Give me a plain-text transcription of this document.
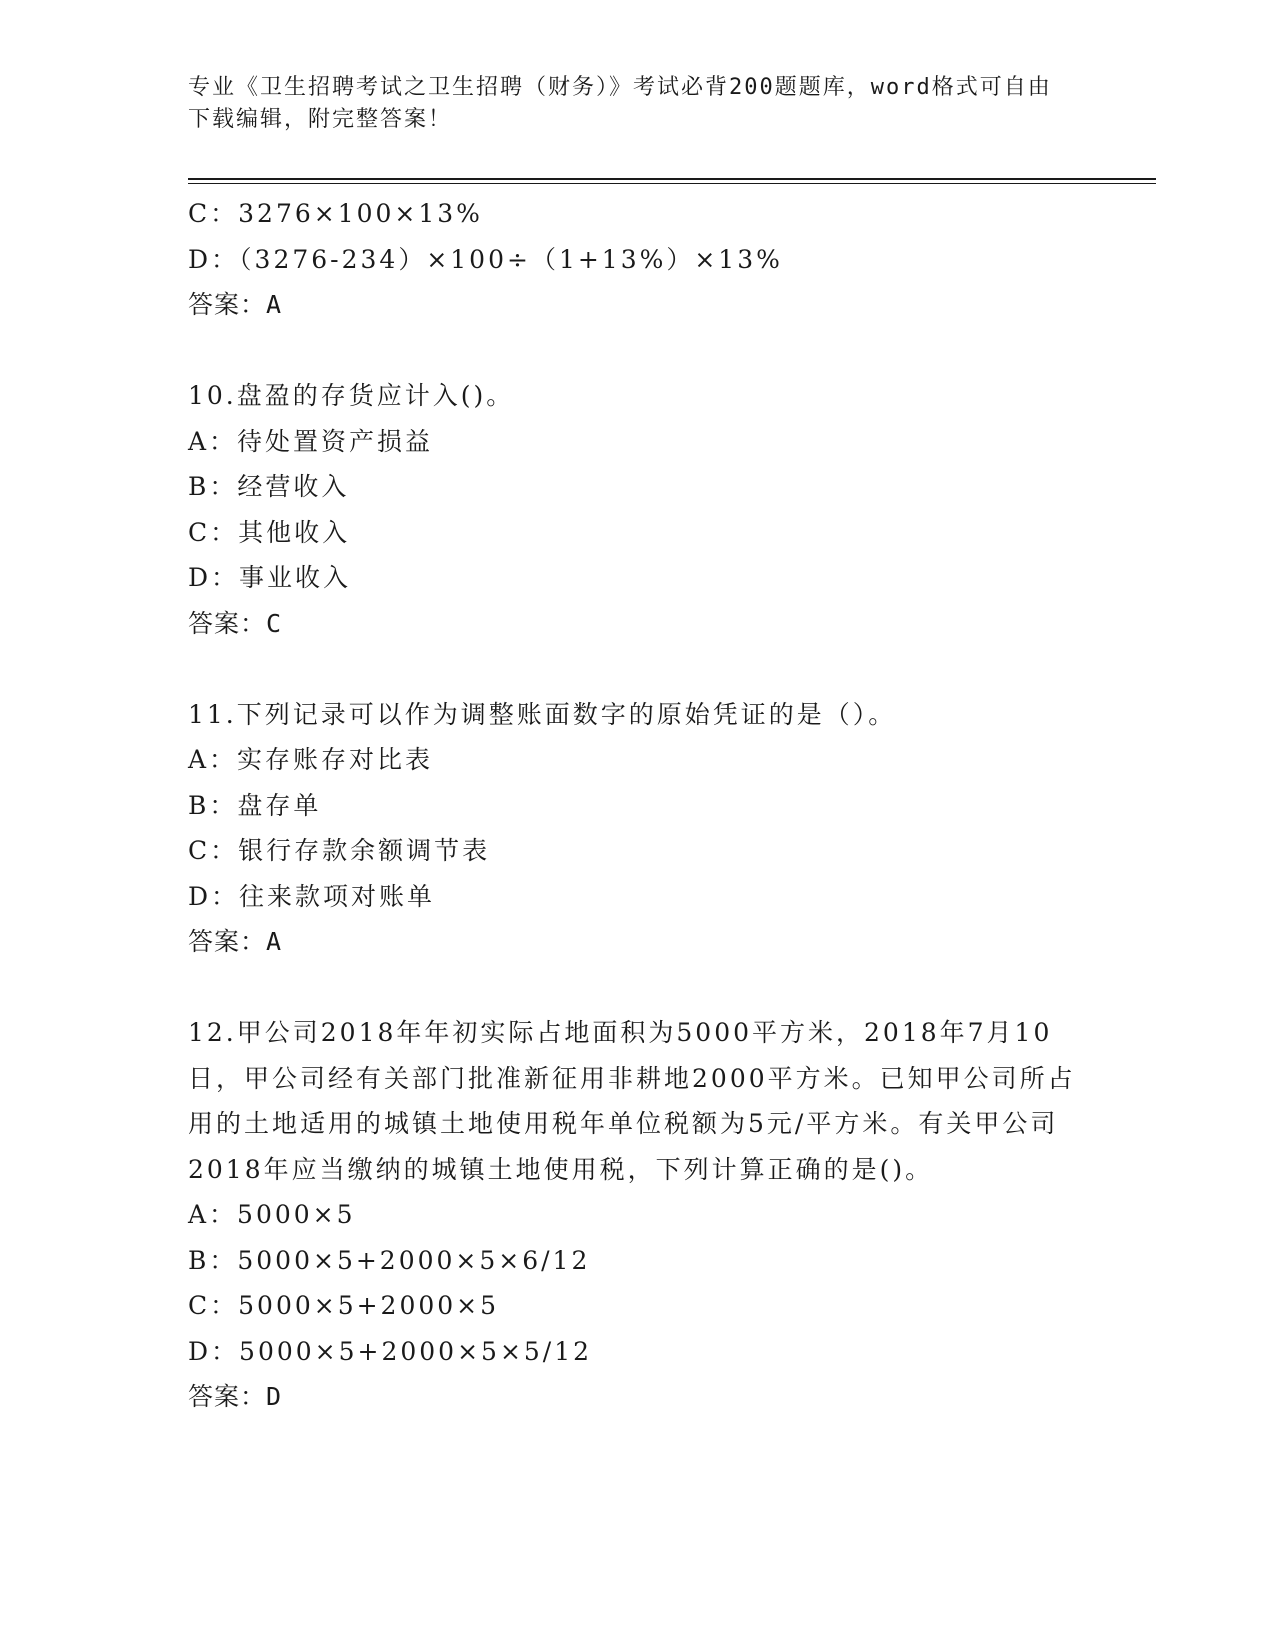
专业《卫生招聘考试之卫生招聘（财务）》考试必背200题题库，word格式可自由下载编辑，附完整答案！
C：3276×100×13%
D：（3276-234）×100÷（1+13%）×13%
答案：A
10.盘盈的存货应计入()。
A：待处置资产损益
B：经营收入
C：其他收入
D：事业收入
答案：C
11.下列记录可以作为调整账面数字的原始凭证的是（）。
A：实存账存对比表
B：盘存单
C：银行存款余额调节表
D：往来款项对账单
答案：A
12.甲公司2018年年初实际占地面积为5000平方米，2018年7月10日，甲公司经有关部门批准新征用非耕地2000平方米。已知甲公司所占用的土地适用的城镇土地使用税年单位税额为5元/平方米。有关甲公司2018年应当缴纳的城镇土地使用税，下列计算正确的是()。
A：5000×5
B：5000×5+2000×5×6/12
C：5000×5+2000×5
D：5000×5+2000×5×5/12
答案：D
